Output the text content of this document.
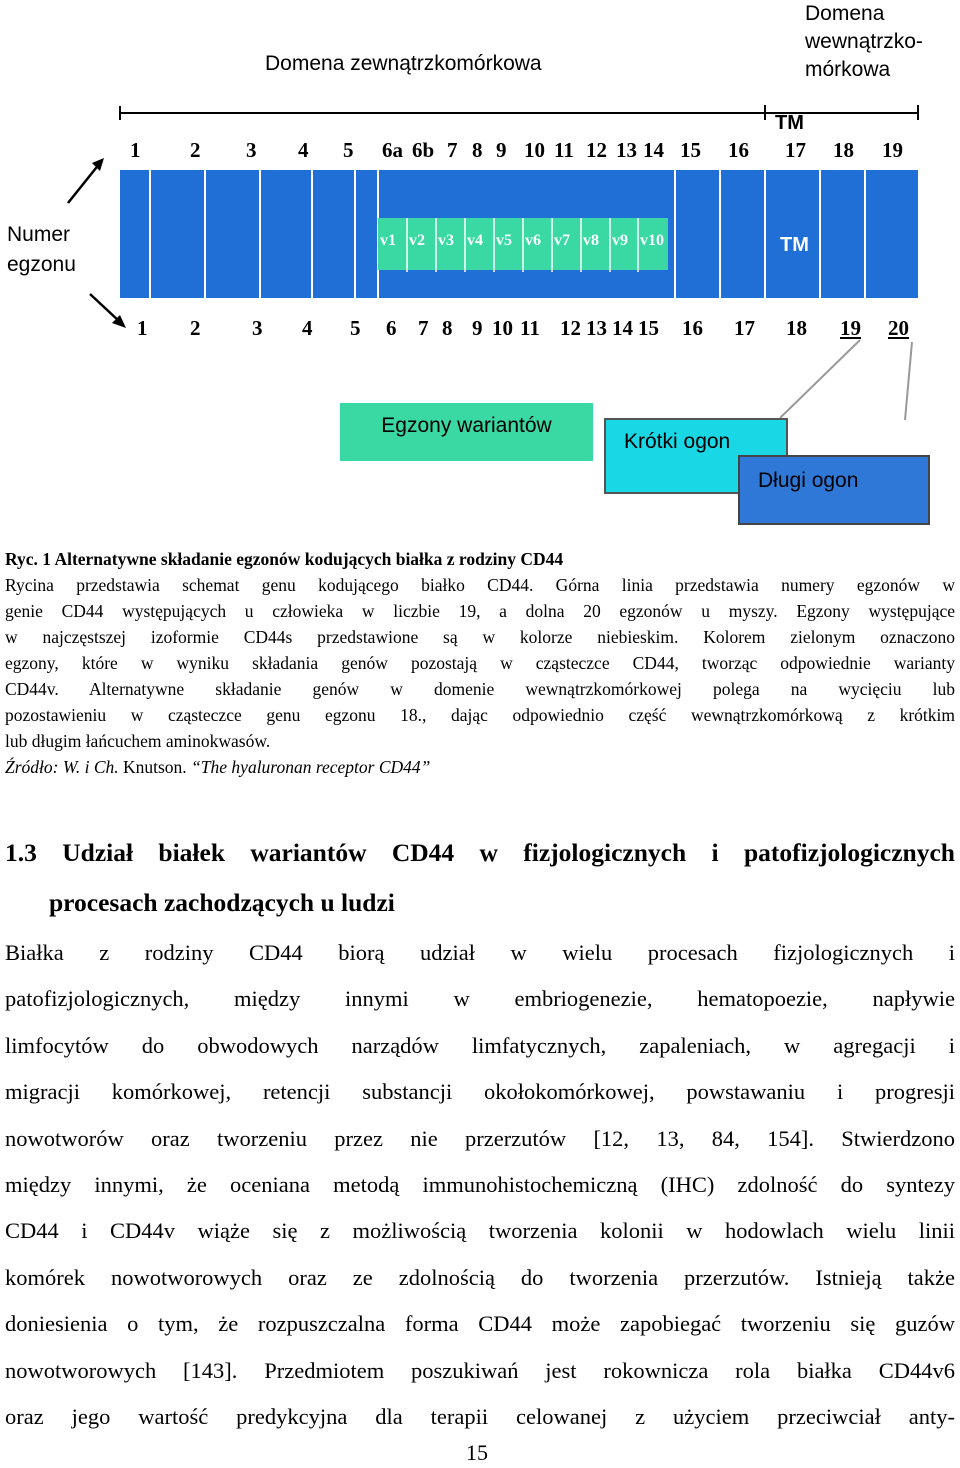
Domena zewnątrzkomórkowa
Domena
wewnątrzko-
mórkowa
TM
1 2 3 4 5 6a 6b 7 8 9 10 11 12 13 14 15 16 17 18 19
v1 v2 v3 v4 v5 v6 v7 v8 v9 v10	TM
Numer
egzonu
1 2 3 4 5 6 7 8 9 10 11 12 13 14 15 16 17 18 19 20
Egzony wariantów
Krótki ogon
Długi ogon
Ryc. 1 Alternatywne składanie egzonów kodujących białka z rodziny CD44
Rycina przedstawia schemat genu kodującego białko CD44. Górna linia przedstawia numery egzonów w
genie CD44 występujących u człowieka w liczbie 19, a dolna 20 egzonów u myszy. Egzony występujące
w najczęstszej izoformie CD44s przedstawione są w kolorze niebieskim. Kolorem zielonym oznaczono
egzony, które w wyniku składania genów pozostają w cząsteczce CD44, tworząc odpowiednie warianty
CD44v. Alternatywne składanie genów w domenie wewnątrzkomórkowej polega na wycięciu lub
pozostawieniu w cząsteczce genu egzonu 18., dając odpowiednio część wewnątrzkomórkową z krótkim
lub długim łańcuchem aminokwasów.
Źródło: W. i Ch. Knutson. “The hyaluronan receptor CD44”
1.3 Udział białek wariantów CD44 w fizjologicznych i patofizjologicznych
procesach zachodzących u ludzi
Białka z rodziny CD44 biorą udział w wielu procesach fizjologicznych i
patofizjologicznych, między innymi w embriogenezie, hematopoezie, napływie
limfocytów do obwodowych narządów limfatycznych, zapaleniach, w agregacji i
migracji komórkowej, retencji substancji okołokomórkowej, powstawaniu i progresji
nowotworów oraz tworzeniu przez nie przerzutów [12, 13, 84, 154]. Stwierdzono
między innymi, że oceniana metodą immunohistochemiczną (IHC) zdolność do syntezy
CD44 i CD44v wiąże się z możliwością tworzenia kolonii w hodowlach wielu linii
komórek nowotworowych oraz ze zdolnością do tworzenia przerzutów. Istnieją także
doniesienia o tym, że rozpuszczalna forma CD44 może zapobiegać tworzeniu się guzów
nowotworowych [143]. Przedmiotem poszukiwań jest rokownicza rola białka CD44v6
oraz jego wartość predykcyjna dla terapii celowanej z użyciem przeciwciał anty-
15
